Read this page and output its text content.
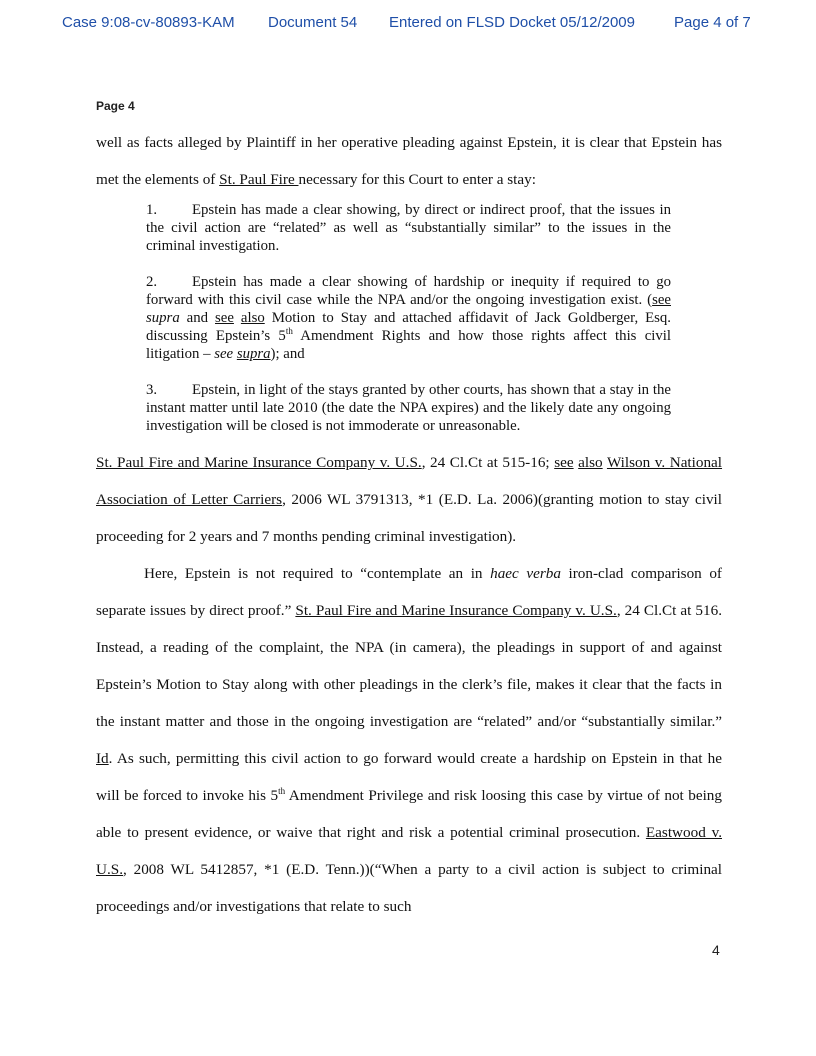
Case 9:08-cv-80893-KAM Document 54 Entered on FLSD Docket 05/12/2009	Page 4 of 7
Page 4

well as facts alleged by Plaintiff in her operative pleading against Epstein, it is clear that Epstein has met the elements of St. Paul Fire necessary for this Court to enter a stay:

1. Epstein has made a clear showing, by direct or indirect proof, that the issues in the civil action are “related” as well as “substantially similar” to the issues in the criminal investigation.

2. Epstein has made a clear showing of hardship or inequity if required to go forward with this civil case while the NPA and/or the ongoing investigation exist. (see supra and see also Motion to Stay and attached affidavit of Jack Goldberger, Esq. discussing Epstein’s 5th Amendment Rights and how those rights affect this civil litigation – see supra); and

3. Epstein, in light of the stays granted by other courts, has shown that a stay in the instant matter until late 2010 (the date the NPA expires) and the likely date any ongoing investigation will be closed is not immoderate or unreasonable.

St. Paul Fire and Marine Insurance Company v. U.S., 24 Cl.Ct at 515-16; see also Wilson v. National Association of Letter Carriers, 2006 WL 3791313, *1 (E.D. La. 2006)(granting motion to stay civil proceeding for 2 years and 7 months pending criminal investigation).

Here, Epstein is not required to “contemplate an in haec verba iron-clad comparison of separate issues by direct proof.” St. Paul Fire and Marine Insurance Company v. U.S., 24 Cl.Ct at 516. Instead, a reading of the complaint, the NPA (in camera), the pleadings in support of and against Epstein’s Motion to Stay along with other pleadings in the clerk’s file, makes it clear that the facts in the instant matter and those in the ongoing investigation are “related” and/or “substantially similar.” Id. As such, permitting this civil action to go forward would create a hardship on Epstein in that he will be forced to invoke his 5th Amendment Privilege and risk loosing this case by virtue of not being able to present evidence, or waive that right and risk a potential criminal prosecution. Eastwood v. U.S., 2008 WL 5412857, *1 (E.D. Tenn.))(“When a party to a civil action is subject to criminal proceedings and/or investigations that relate to such

4
